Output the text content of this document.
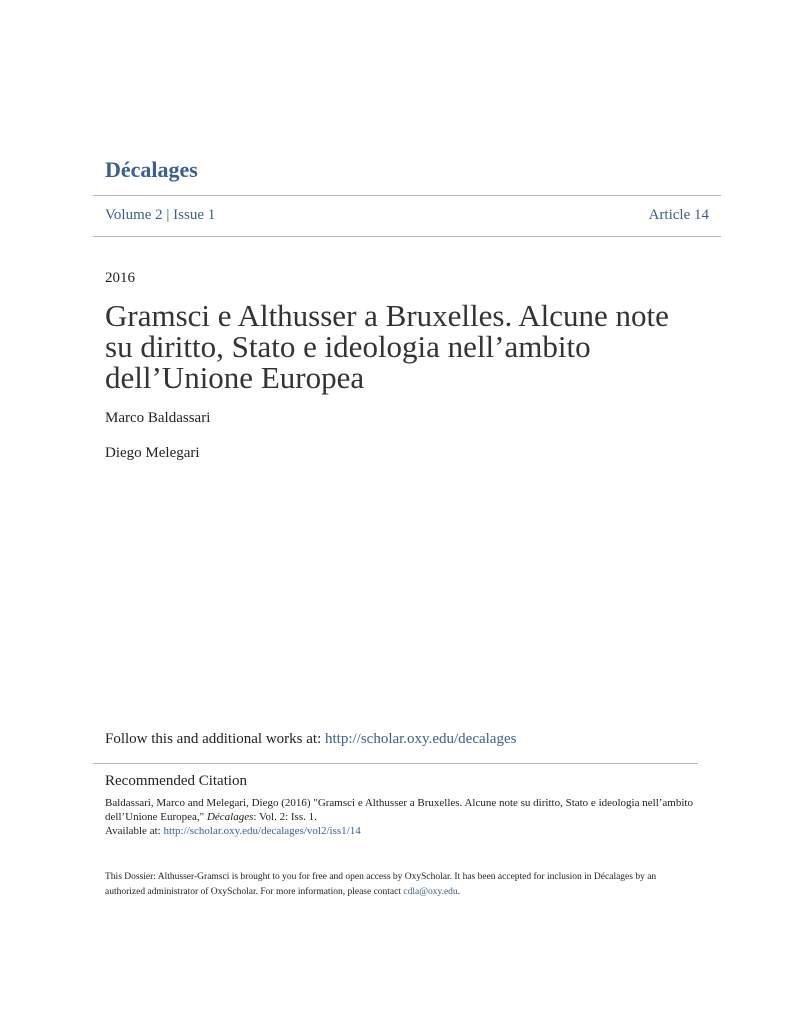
Décalages
Volume 2 | Issue 1	Article 14
2016
Gramsci e Althusser a Bruxelles. Alcune note su diritto, Stato e ideologia nell’ambito dell’Unione Europea
Marco Baldassari
Diego Melegari
Follow this and additional works at: http://scholar.oxy.edu/decalages
Recommended Citation
Baldassari, Marco and Melegari, Diego (2016) "Gramsci e Althusser a Bruxelles. Alcune note su diritto, Stato e ideologia nell’ambito
dell’Unione Europea," Décalages: Vol. 2: Iss. 1.
Available at: http://scholar.oxy.edu/decalages/vol2/iss1/14
This Dossier: Althusser-Gramsci is brought to you for free and open access by OxyScholar. It has been accepted for inclusion in Décalages by an authorized administrator of OxyScholar. For more information, please contact cdla@oxy.edu.
